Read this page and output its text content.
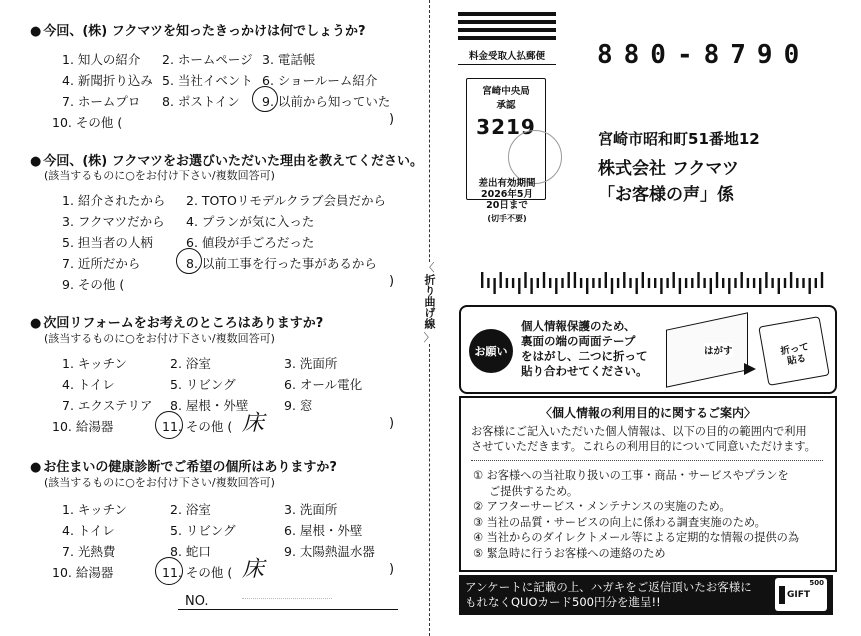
● 今回、(株) フクマツを知ったきっかけは何でしょうか?
1. 知人の紹介 2. ホームページ 3. 電話帳
4. 新聞折り込み 5. 当社イベント 6. ショールーム紹介
7. ホームプロ 8. ポストイン 9. 以前から知っていた
10. その他 (	)
● 今回、(株) フクマツをお選びいただいた理由を教えてください。
(該当するものに○をお付け下さい/複数回答可)
1. 紹介されたから 2. TOTOリモデルクラブ会員だから
3. フクマツだから 4. プランが気に入った
5. 担当者の人柄	6. 値段が手ごろだった
7. 近所だから	8. 以前工事を行った事があるから
9. その他 (	)
● 次回リフォームをお考えのところはありますか?
(該当するものに○をお付け下さい/複数回答可)
1. キッチン	2. 浴室	3. 洗面所
4. トイレ	5. リビング	6. オール電化
7. エクステリア 8. 屋根・外壁	9. 窓
10. 給湯器	11. その他 ( 床	)
● お住まいの健康診断でご希望の個所はありますか?
(該当するものに○をお付け下さい/複数回答可)
1. キッチン	2. 浴室	3. 洗面所
4. トイレ	5. リビング	6. 屋根・外壁
7. 光熱費	8. 蛇口	9. 太陽熱温水器
10. 給湯器	11. その他 ( 床	)
NO.
〈
折り曲げ線
〉
料金受取人払郵便
宮崎中央局
承認
3219
差出有効期間
2026年5月
20日まで
(切手不要)
880-8790
宮崎市昭和町51番地12
株式会社 フクマツ
「お客様の声」係
お願い
個人情報保護のため、
裏面の端の両面テープ
をはがし、二つに折って
貼り合わせてください。
はがす	折って貼る
〈個人情報の利用目的に関するご案内〉
お客様にご記入いただいた個人情報は、以下の目的の範囲内で利用
させていただきます。これらの利用目的について同意いただけます。
① お客様への当社取り扱いの工事・商品・サービスやプランを
ご提供するため。
② アフターサービス・メンテナンスの実施のため。
③ 当社の品質・サービスの向上に係わる調査実施のため。
④ 当社からのダイレクトメール等による定期的な情報の提供の為
⑤ 緊急時に行うお客様への連絡のため
アンケートに記載の上、ハガキをご返信頂いたお客様に
もれなくQUOカード500円分を進呈!!
500
GIFT
